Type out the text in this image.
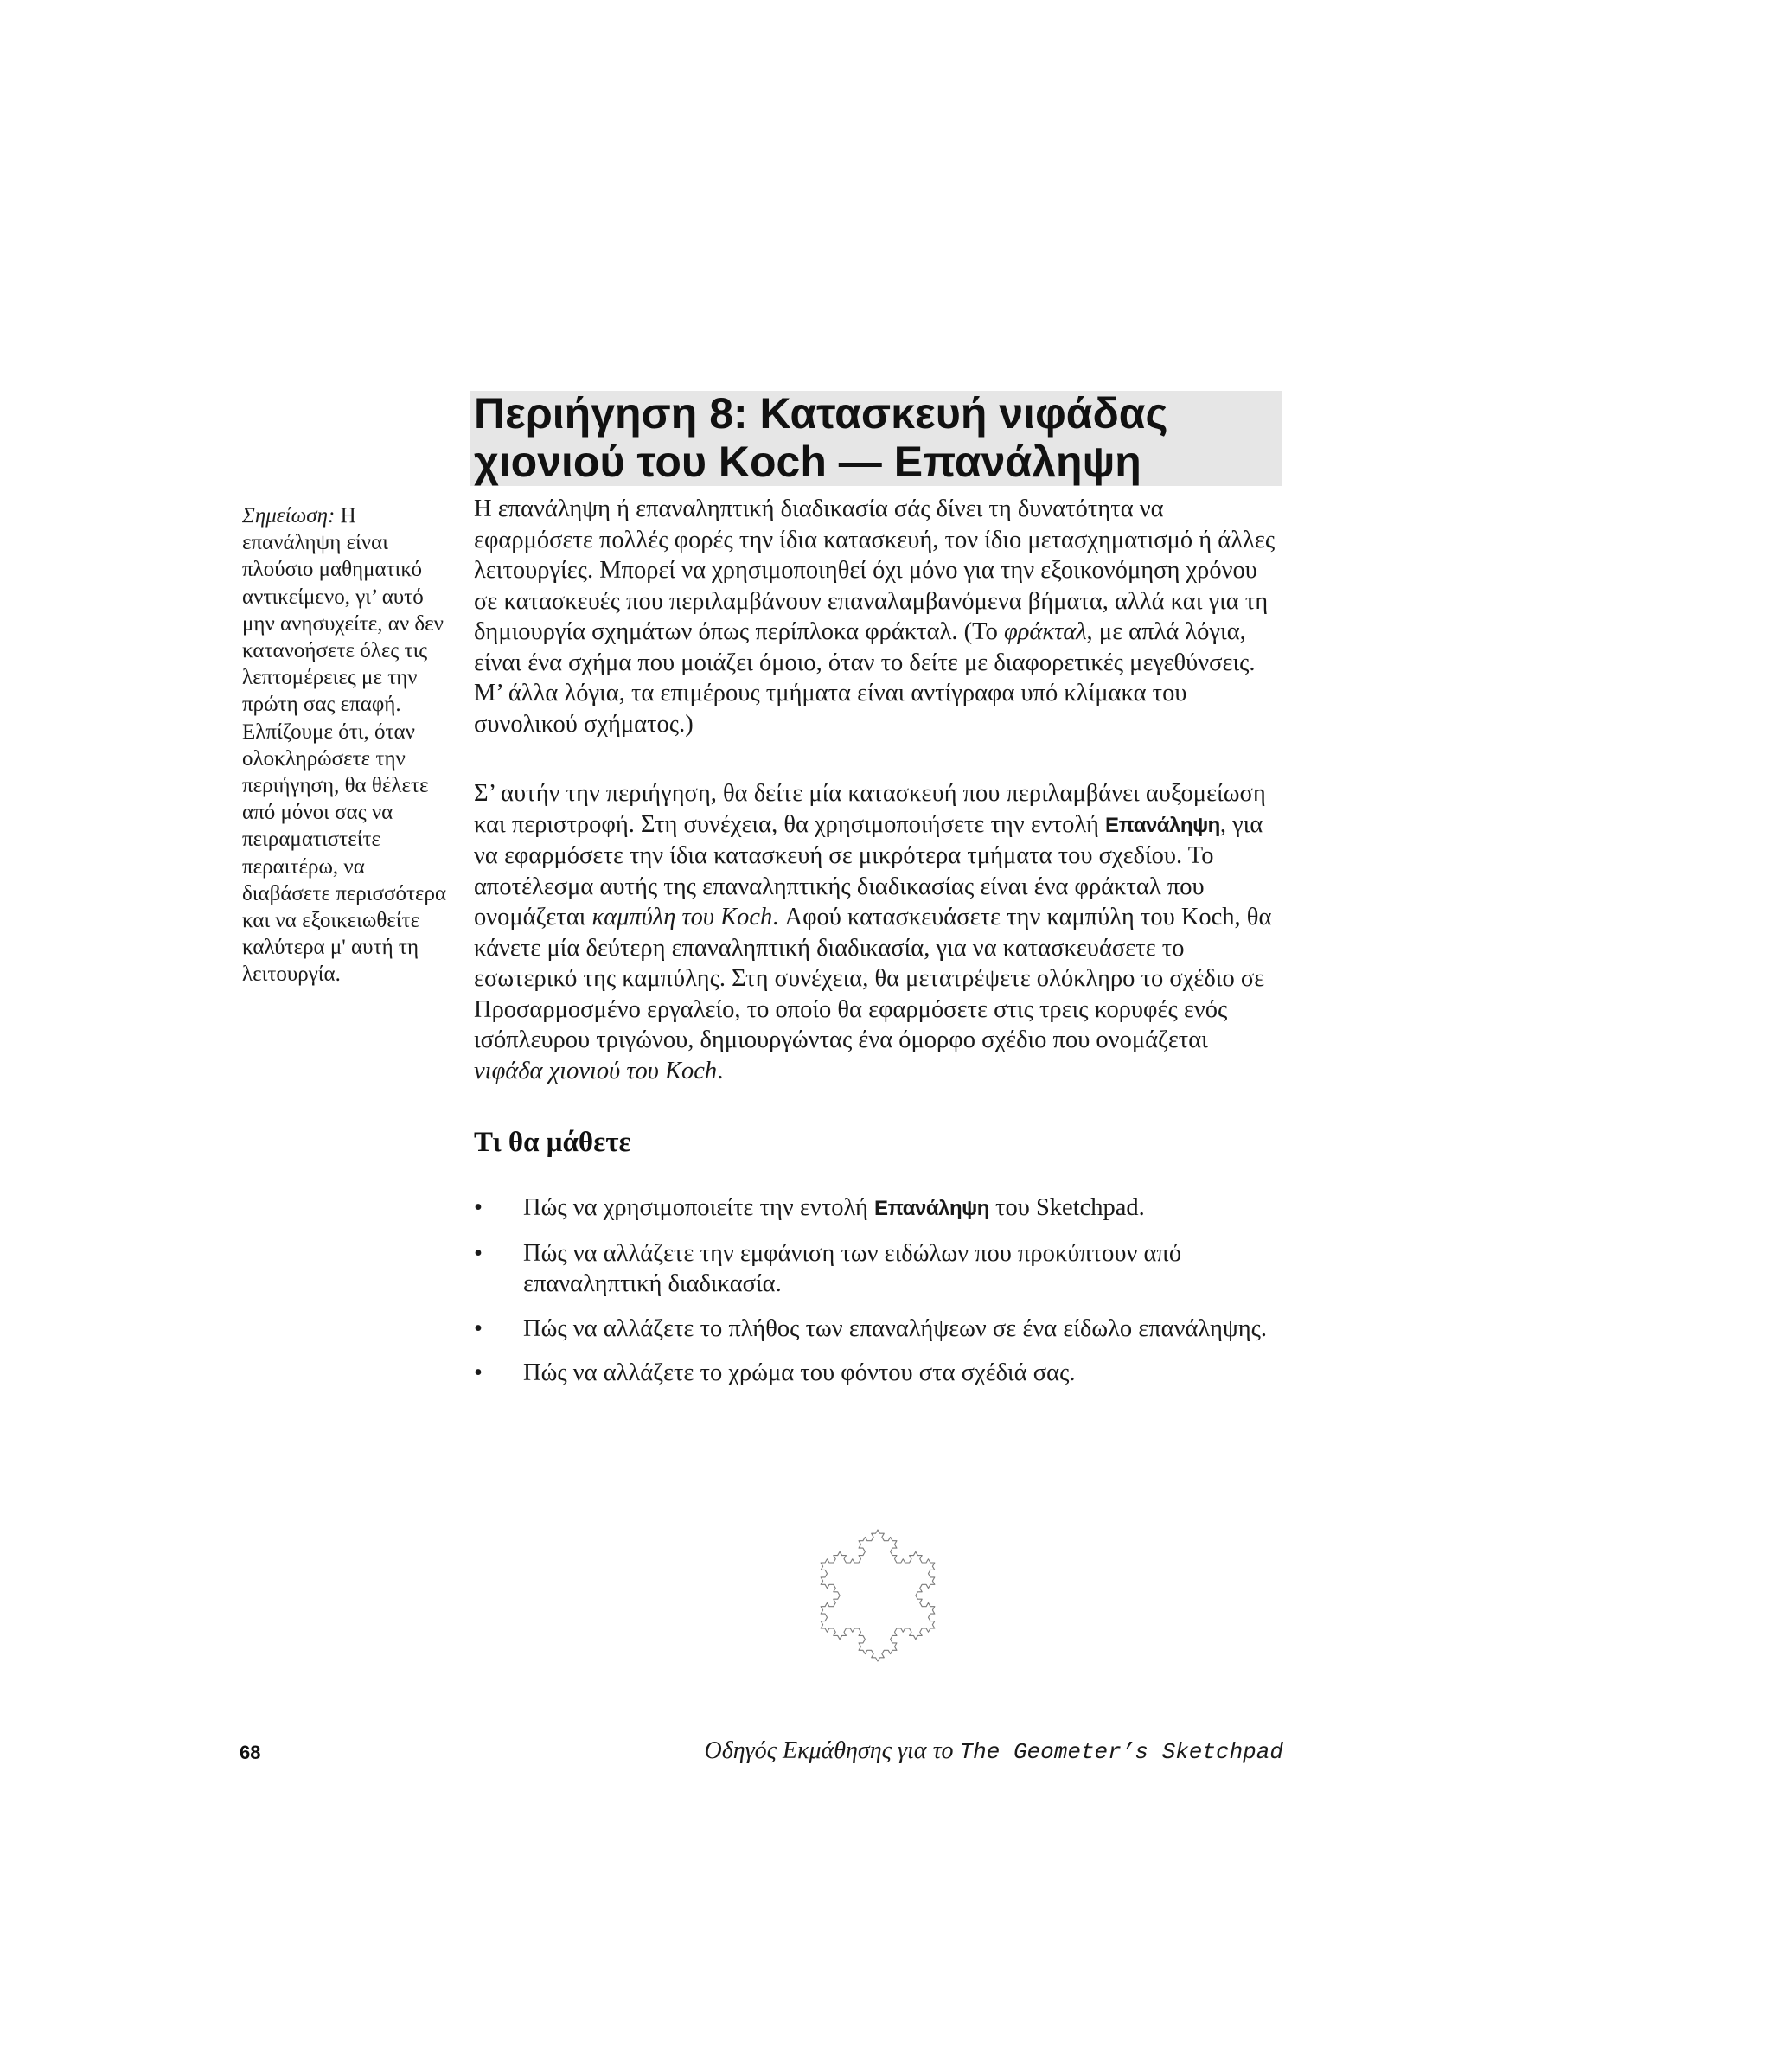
Περιήγηση 8: Κατασκευή νιφάδας
χιονιού του Koch — Επανάληψη
Σημείωση: Η επανάληψη είναι πλούσιο μαθηματικό αντικείμενο, γι’ αυτό μην ανησυχείτε, αν δεν κατανοήσετε όλες τις λεπτομέρειες με την πρώτη σας επαφή. Ελπίζουμε ότι, όταν ολοκληρώσετε την περιήγηση, θα θέλετε από μόνοι σας να πειραματιστείτε περαιτέρω, να διαβάσετε περισσότερα και να εξοικειωθείτε καλύτερα μ' αυτή τη λειτουργία.

Η επανάληψη ή επαναληπτική διαδικασία σάς δίνει τη δυνατότητα να εφαρμόσετε πολλές φορές την ίδια κατασκευή, τον ίδιο μετασχηματισμό ή άλλες λειτουργίες. Μπορεί να χρησιμοποιηθεί όχι μόνο για την εξοικονόμηση χρόνου σε κατασκευές που περιλαμβάνουν επαναλαμβανόμενα βήματα, αλλά και για τη δημιουργία σχημάτων όπως περίπλοκα φράκταλ. (Το φράκταλ, με απλά λόγια, είναι ένα σχήμα που μοιάζει όμοιο, όταν το δείτε με διαφορετικές μεγεθύνσεις. Μ’ άλλα λόγια, τα επιμέρους τμήματα είναι αντίγραφα υπό κλίμακα του συνολικού σχήματος.)

Σ’ αυτήν την περιήγηση, θα δείτε μία κατασκευή που περιλαμβάνει αυξομείωση και περιστροφή. Στη συνέχεια, θα χρησιμοποιήσετε την εντολή Επανάληψη, για να εφαρμόσετε την ίδια κατασκευή σε μικρότερα τμήματα του σχεδίου. Το αποτέλεσμα αυτής της επαναληπτικής διαδικασίας είναι ένα φράκταλ που ονομάζεται καμπύλη του Koch. Αφού κατασκευάσετε την καμπύλη του Koch, θα κάνετε μία δεύτερη επαναληπτική διαδικασία, για να κατασκευάσετε το εσωτερικό της καμπύλης. Στη συνέχεια, θα μετατρέψετε ολόκληρο το σχέδιο σε Προσαρμοσμένο εργαλείο, το οποίο θα εφαρμόσετε στις τρεις κορυφές ενός ισόπλευρου τριγώνου, δημιουργώντας ένα όμορφο σχέδιο που ονομάζεται νιφάδα χιονιού του Koch.

Τι θα μάθετε
• Πώς να χρησιμοποιείτε την εντολή Επανάληψη του Sketchpad.
• Πώς να αλλάζετε την εμφάνιση των ειδώλων που προκύπτουν από επαναληπτική διαδικασία.
• Πώς να αλλάζετε το πλήθος των επαναλήψεων σε ένα είδωλο επανάληψης.
• Πώς να αλλάζετε το χρώμα του φόντου στα σχέδιά σας.
68	Οδηγός Εκμάθησης για το The Geometer’s Sketchpad
